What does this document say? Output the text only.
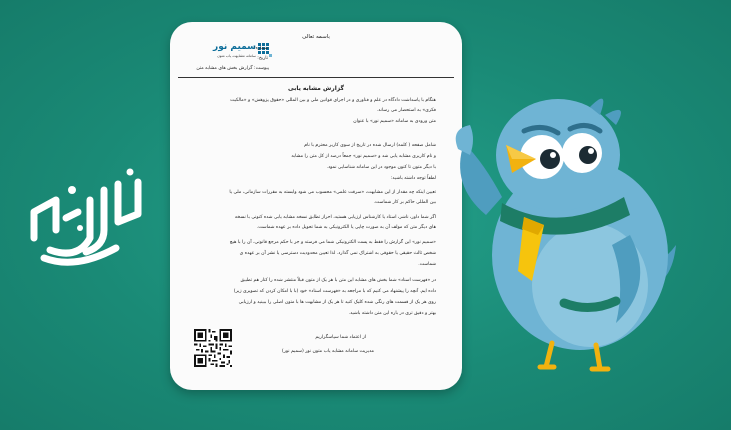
باسمه تعالی
سمیم نور
سامانه مشابهت یاب متون
شماره:
تاریخ:
پیوست: گزارش بخش های مشابه متن
گزارش مشابه یابی
هنگام با پاسداشت دادگاه در علم و فناوری و در اجرای قوانین ملی و بین المللی «حقوق پژوهش» و «مالکیت
فکری» به استحضار می رساند.
متن ورودی به سامانه «سمیم نور» با عنوان
شامل صفحه ( کلمه) ارسال شده در تاریخ از سوی کاربر محترم با نام
و نام کاربری مشابه یابی شد و «سمیم نور» جمعاً درصد از کل متن را مشابه
با دیگر متون تا کنون موجود در این سامانه شناسایی نمود.
لطفاً توجه داشته باشید:
تعیین اینکه چه مقدار از این مشابهت، «سرقت علمی» محسوب می شود وابسته به مقررات سازمانی، ملی یا
بین المللی حاکم بر کار شماست.
اگر شما داور، ناشر، استاد یا کارشناس ارزیابی هستید، احراز تطابق نسخه مشابه یابی شده کنونی با نسخه
های دیگر متن که مولف آن به صورت چاپی یا الکترونیکی به شما تحویل داده بر عهده شماست.
«سمیم نور» این گزارش را فقط به پست الکترونیکی شما می فرستد و جز با حکم مرجع قانونی، آن را با هیچ
شخص ثالث حقیقی یا حقوقی به اشتراک نمی گذارد. لذا تعیین محدودیت دسترسی یا نشر آن بر عهده ی
شماست.
در «فهرست اسناد» شما بخش های مشابه این متن با هر یک از متون قبلاً منتشر شده را کنار هم تطبیق
داده ایم. آنچه را پیشنهاد می کنیم که با مراجعه به «فهرست اسناد» خود (با با امکان کردن کد تصویری زیر)
روی هر یک از قسمت های رنگی شده کلیک کنید تا هر یک از مشابهت ها با متون اصلی را ببینید و ارزیابی
بهتر و دقیق تری در باره این متن داشته باشید.
از اعتماد شما سپاسگزاریم
مدیریت سامانه مشابه یاب متون نور (سمیم نور)
